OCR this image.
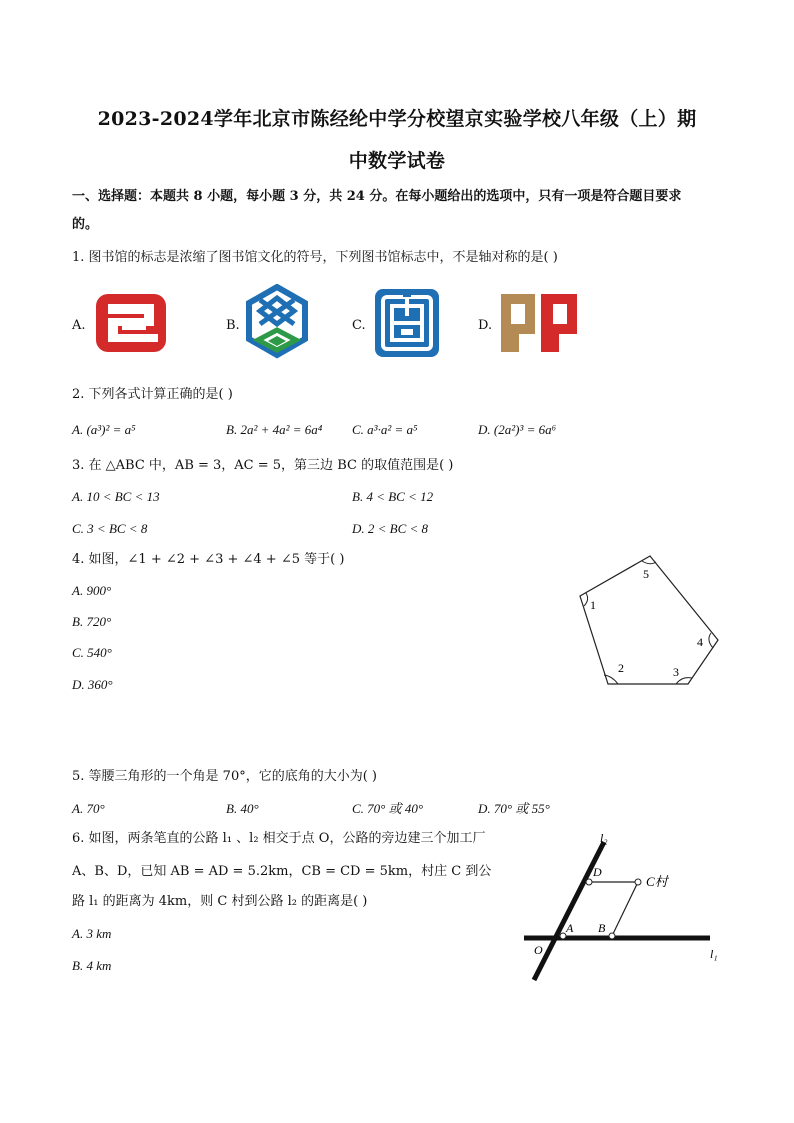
2023-2024学年北京市陈经纶中学分校望京实验学校八年级（上）期
中数学试卷
一、选择题：本题共 8 小题，每小题 3 分，共 24 分。在每小题给出的选项中，只有一项是符合题目要求
的。
1. 图书馆的标志是浓缩了图书馆文化的符号，下列图书馆标志中，不是轴对称的是( )
A.	B.	C.	D.
2. 下列各式计算正确的是( )
A. (a³)² = a⁵	B. 2a² + 4a² = 6a⁴ C. a³·a² = a⁵	D. (2a²)³ = 6a⁶
3. 在 △ABC 中，AB = 3，AC = 5，第三边 BC 的取值范围是( )
A. 10 < BC < 13	B. 4 < BC < 12
C. 3 < BC < 8	D. 2 < BC < 8
4. 如图，∠1 + ∠2 + ∠3 + ∠4 + ∠5 等于( )
A. 900°
B. 720°
C. 540°
D. 360°
1
5
4
3
2
5. 等腰三角形的一个角是 70°，它的底角的大小为( )
A. 70°	B. 40°	C. 70° 或 40°	D. 70° 或 55°
6. 如图，两条笔直的公路 l₁ 、l₂ 相交于点 O，公路的旁边建三个加工厂
A、B、D，已知 AB = AD = 5.2km，CB = CD = 5km，村庄 C 到公
路 l₁ 的距离为 4km，则 C 村到公路 l₂ 的距离是( )
A. 3 km
B. 4 km
l₂
D
C村
A B
O	l₁
